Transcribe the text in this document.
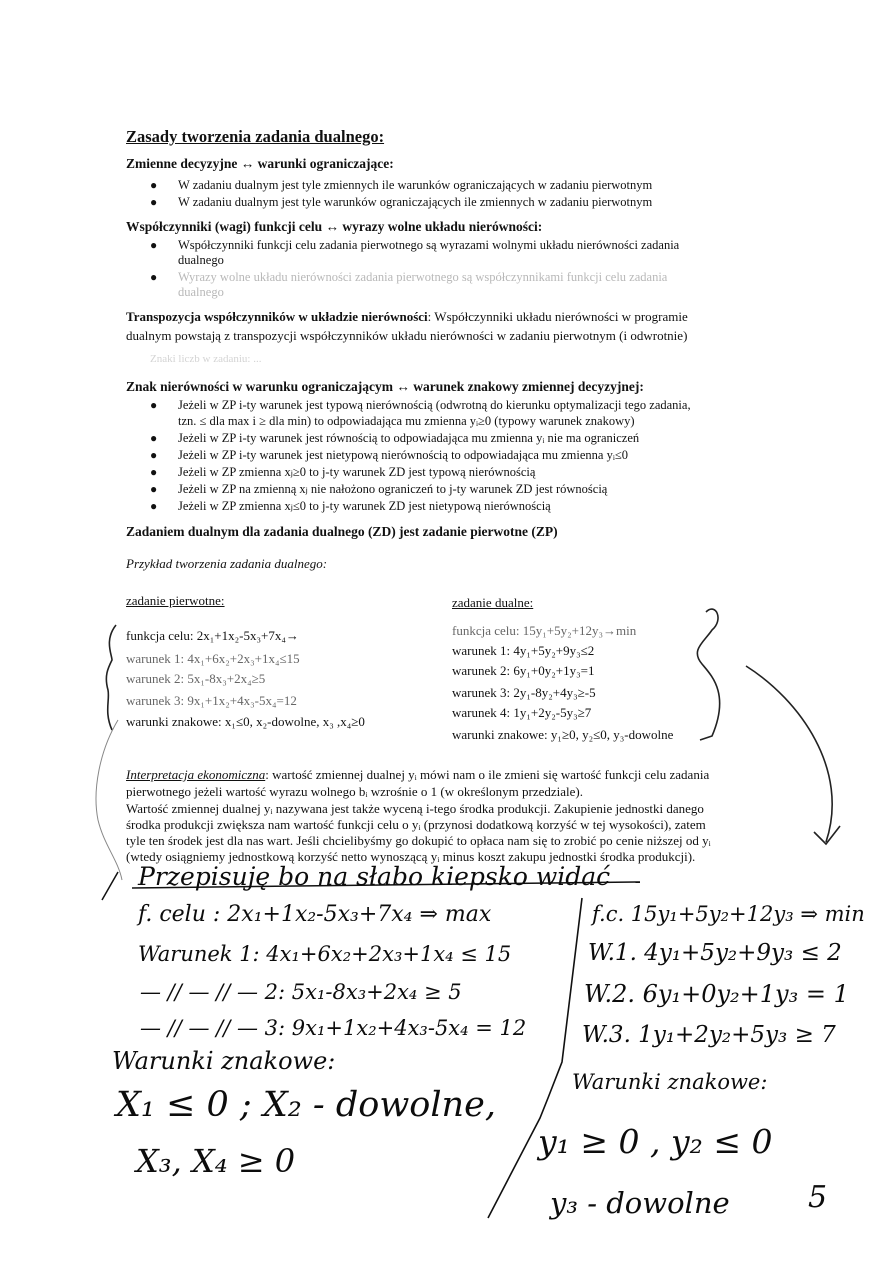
Zasady tworzenia zadania dualnego:
Zmienne decyzyjne ↔ warunki ograniczające:
● W zadaniu dualnym jest tyle zmiennych ile warunków ograniczających w zadaniu pierwotnym
● W zadaniu dualnym jest tyle warunków ograniczających ile zmiennych w zadaniu pierwotnym
Współczynniki (wagi) funkcji celu ↔ wyrazy wolne układu nierówności:
● Współczynniki funkcji celu zadania pierwotnego są wyrazami wolnymi układu nierówności zadania
dualnego
● Wyrazy wolne układu nierówności zadania pierwotnego są współczynnikami funkcji celu zadania
dualnego
Transpozycja współczynników w układzie nierówności: Współczynniki układu nierówności w programie
dualnym powstają z transpozycji współczynników układu nierówności w zadaniu pierwotnym (i odwrotnie)
Znaki liczb w zadaniu: ...
Znak nierówności w warunku ograniczającym ↔ warunek znakowy zmiennej decyzyjnej:
● Jeżeli w ZP i-ty warunek jest typową nierównością (odwrotną do kierunku optymalizacji tego zadania,
tzn. ≤ dla max i ≥ dla min) to odpowiadająca mu zmienna yᵢ≥0 (typowy warunek znakowy)
● Jeżeli w ZP i-ty warunek jest równością to odpowiadająca mu zmienna yᵢ nie ma ograniczeń
● Jeżeli w ZP i-ty warunek jest nietypową nierównością to odpowiadająca mu zmienna yᵢ≤0
● Jeżeli w ZP zmienna xⱼ≥0 to j-ty warunek ZD jest typową nierównością
● Jeżeli w ZP na zmienną xⱼ nie nałożono ograniczeń to j-ty warunek ZD jest równością
● Jeżeli w ZP zmienna xⱼ≤0 to j-ty warunek ZD jest nietypową nierównością
Zadaniem dualnym dla zadania dualnego (ZD) jest zadanie pierwotne (ZP)
Przykład tworzenia zadania dualnego:
zadanie pierwotne:
funkcja celu: 2x₁+1x₂-5x₃+7x₄→
warunek 1: 4x₁+6x₂+2x₃+1x₄≤15
warunek 2: 5x₁-8x₃+2x₄≥5
warunek 3: 9x₁+1x₂+4x₃-5x₄=12
warunki znakowe: x₁≤0, x₂-dowolne, x₃ ,x₄≥0
zadanie dualne:
funkcja celu: 15y₁+5y₂+12y₃→min
warunek 1: 4y₁+5y₂+9y₃≤2
warunek 2: 6y₁+0y₂+1y₃=1
warunek 3: 2y₁-8y₂+4y₃≥-5
warunek 4: 1y₁+2y₂-5y₃≥7
warunki znakowe: y₁≥0, y₂≤0, y₃-dowolne
Interpretacja ekonomiczna: wartość zmiennej dualnej yᵢ mówi nam o ile zmieni się wartość funkcji celu zadania
pierwotnego jeżeli wartość wyrazu wolnego bᵢ wzrośnie o 1 (w określonym przedziale).
Wartość zmiennej dualnej yᵢ nazywana jest także wyceną i-tego środka produkcji. Zakupienie jednostki danego
środka produkcji zwiększa nam wartość funkcji celu o yᵢ (przynosi dodatkową korzyść w tej wysokości), zatem
tyle ten środek jest dla nas wart. Jeśli chcielibyśmy go dokupić to opłaca nam się to zrobić po cenie niższej od yᵢ
(wtedy osiągniemy jednostkową korzyść netto wynoszącą yᵢ minus koszt zakupu jednostki środka produkcji).
Przepisuję bo na słabo kiepsko widać
f. celu : 2x₁+1x₂-5x₃+7x₄ ⇒ max
Warunek 1: 4x₁+6x₂+2x₃+1x₄ ≤ 15
— // — // — 2: 5x₁-8x₃+2x₄ ≥ 5
— // — // — 3: 9x₁+1x₂+4x₃-5x₄ = 12
Warunki znakowe:
X₁ ≤ 0 ; X₂ - dowolne,
X₃, X₄ ≥ 0
f.c. 15y₁+5y₂+12y₃ ⇒ min
W.1. 4y₁+5y₂+9y₃ ≤ 2
W.2. 6y₁+0y₂+1y₃ = 1
W.3. 1y₁+2y₂+5y₃ ≥ 7
Warunki znakowe:
y₁ ≥ 0 , y₂ ≤ 0
y₃ - dowolne	5
